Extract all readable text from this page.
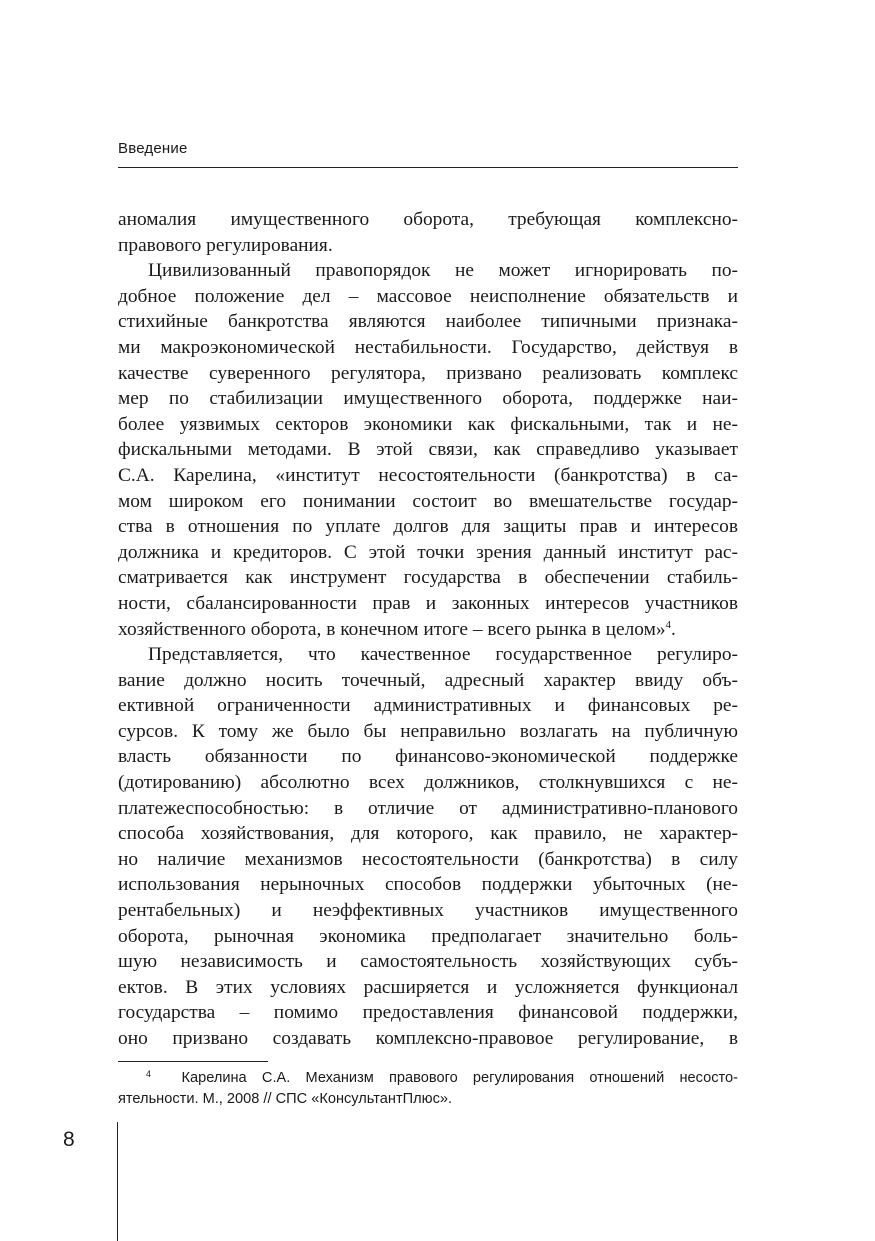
Введение

аномалия имущественного оборота, требующая комплексно-
правового регулирования.

Цивилизованный правопорядок не может игнорировать по-
добное положение дел – массовое неисполнение обязательств и
стихийные банкротства являются наиболее типичными признака-
ми макроэкономической нестабильности. Государство, действуя в
качестве суверенного регулятора, призвано реализовать комплекс
мер по стабилизации имущественного оборота, поддержке наи-
более уязвимых секторов экономики как фискальными, так и не-
фискальными методами. В этой связи, как справедливо указывает
С.А. Карелина, «институт несостоятельности (банкротства) в са-
мом широком его понимании состоит во вмешательстве государ-
ства в отношения по уплате долгов для защиты прав и интересов
должника и кредиторов. С этой точки зрения данный институт рас-
сматривается как инструмент государства в обеспечении стабиль-
ности, сбалансированности прав и законных интересов участников
хозяйственного оборота, в конечном итоге – всего рынка в целом»$^4$.

Представляется, что качественное государственное регулиро-
вание должно носить точечный, адресный характер ввиду объ-
ективной ограниченности административных и финансовых ре-
сурсов. К тому же было бы неправильно возлагать на публичную
власть обязанности по финансово-экономической поддержке
(дотированию) абсолютно всех должников, столкнувшихся с не-
платежеспособностью: в отличие от административно-планового
способа хозяйствования, для которого, как правило, не характер-
но наличие механизмов несостоятельности (банкротства) в силу
использования нерыночных способов поддержки убыточных (не-
рентабельных) и неэффективных участников имущественного
оборота, рыночная экономика предполагает значительно боль-
шую независимость и самостоятельность хозяйствующих субъ-
ектов. В этих условиях расширяется и усложняется функционал
государства – помимо предоставления финансовой поддержки,
оно призвано создавать комплексно-правовое регулирование, в

$^4$ Карелина С.А. Механизм правового регулирования отношений несосто-
ятельности. М., 2008 // СПС «КонсультантПлюс».
8
